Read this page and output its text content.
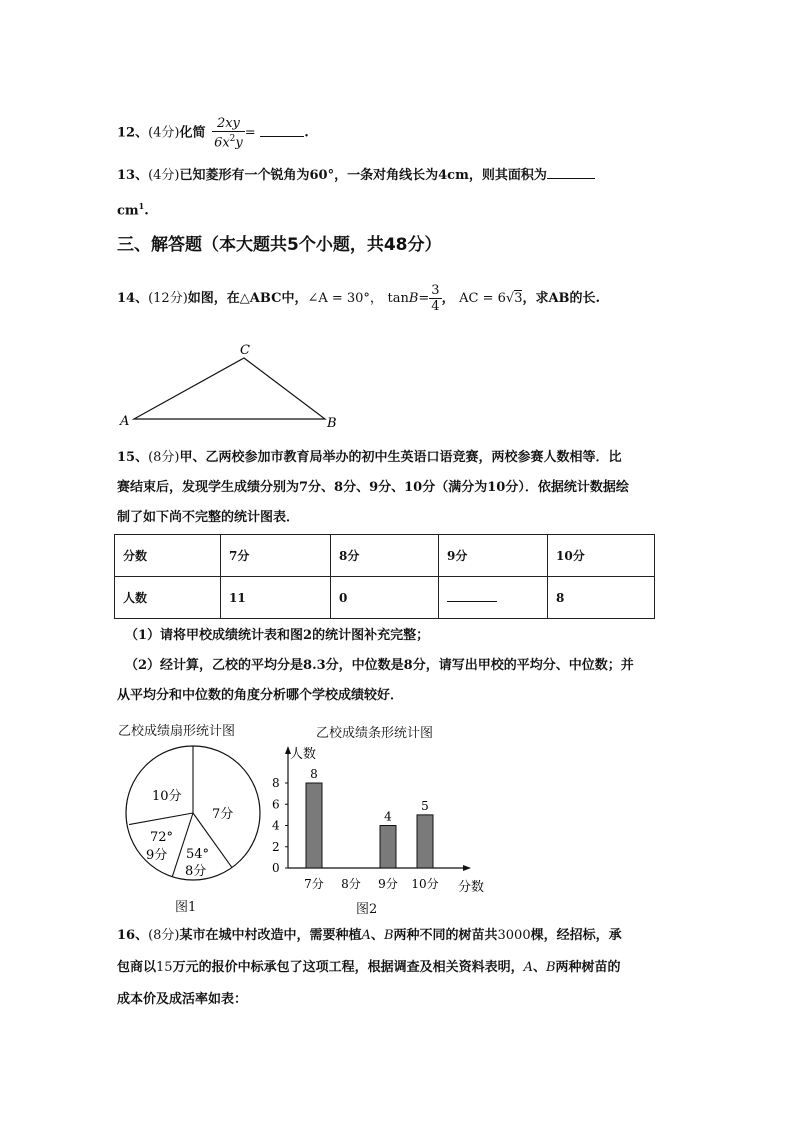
12、(4分)化简 $\frac{2xy}{6x^2y}$ =	.
13、(4分)已知菱形有一个锐角为60°，一条对角线长为4cm，则其面积为
$cm^1$.
三、解答题（本大题共5个小题，共48分）
14、(12分)如图，在△ABC中，∠A = 30°， $\tan B= \frac{3}{4}$ ， AC = 6√3，求AB的长.
A	B
C
15、(8分)甲、乙两校参加市教育局举办的初中生英语口语竞赛，两校参赛人数相等．比
赛结束后，发现学生成绩分别为7分、8分、9分、10分（满分为10分）．依据统计数据绘
制了如下尚不完整的统计图表．
分数	7分	8分	9分	10分
人数	11	0		8
（1）请将甲校成绩统计表和图2的统计图补充完整；
（2）经计算，乙校的平均分是8.3分，中位数是8分，请写出甲校的平均分、中位数；并
从平均分和中位数的角度分析哪个学校成绩较好．
乙校成绩扇形统计图
10分
7分
72°
9分 54°
8分
图1
乙校成绩条形统计图
人数
分数
0
2
4
6
8
8
7分 8分
4
9分
5
10分
图2
16、(8分)某市在城中村改造中，需要种植A、B两种不同的树苗共3000棵，经招标，承
包商以15万元的报价中标承包了这项工程，根据调查及相关资料表明，A、B两种树苗的
成本价及成活率如表：
